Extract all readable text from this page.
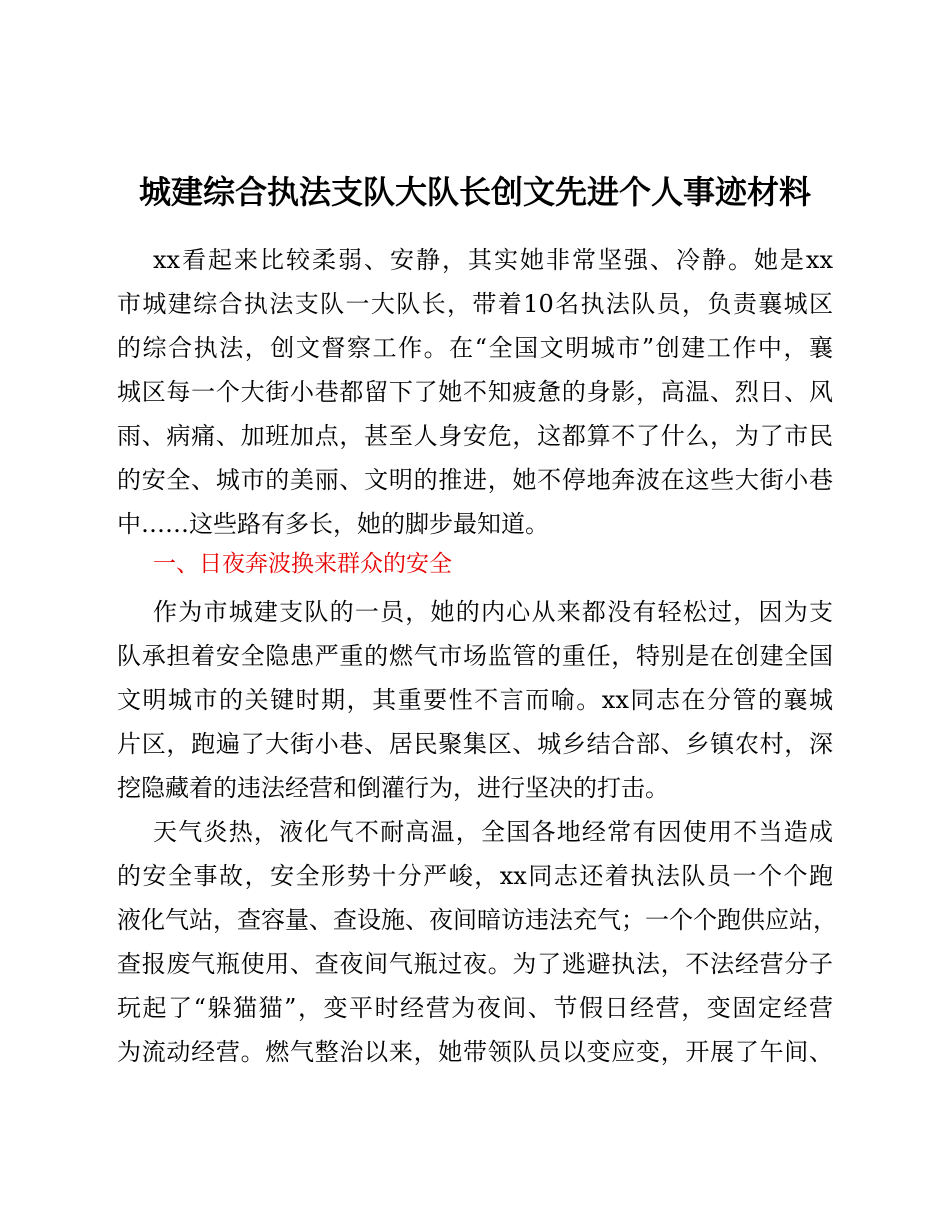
城建综合执法支队大队长创文先进个人事迹材料
xx看起来比较柔弱、安静，其实她非常坚强、冷静。她是xx
市城建综合执法支队一大队长，带着10名执法队员，负责襄城区
的综合执法，创文督察工作。在“全国文明城市”创建工作中，襄
城区每一个大街小巷都留下了她不知疲惫的身影，高温、烈日、风
雨、病痛、加班加点，甚至人身安危，这都算不了什么，为了市民
的安全、城市的美丽、文明的推进，她不停地奔波在这些大街小巷
中……这些路有多长，她的脚步最知道。
一、日夜奔波换来群众的安全
作为市城建支队的一员，她的内心从来都没有轻松过，因为支
队承担着安全隐患严重的燃气市场监管的重任，特别是在创建全国
文明城市的关键时期，其重要性不言而喻。xx同志在分管的襄城
片区，跑遍了大街小巷、居民聚集区、城乡结合部、乡镇农村，深
挖隐藏着的违法经营和倒灌行为，进行坚决的打击。
天气炎热，液化气不耐高温，全国各地经常有因使用不当造成
的安全事故，安全形势十分严峻，xx同志还着执法队员一个个跑
液化气站，查容量、查设施、夜间暗访违法充气；一个个跑供应站，
查报废气瓶使用、查夜间气瓶过夜。为了逃避执法，不法经营分子
玩起了“躲猫猫”，变平时经营为夜间、节假日经营，变固定经营
为流动经营。燃气整治以来，她带领队员以变应变，开展了午间、
